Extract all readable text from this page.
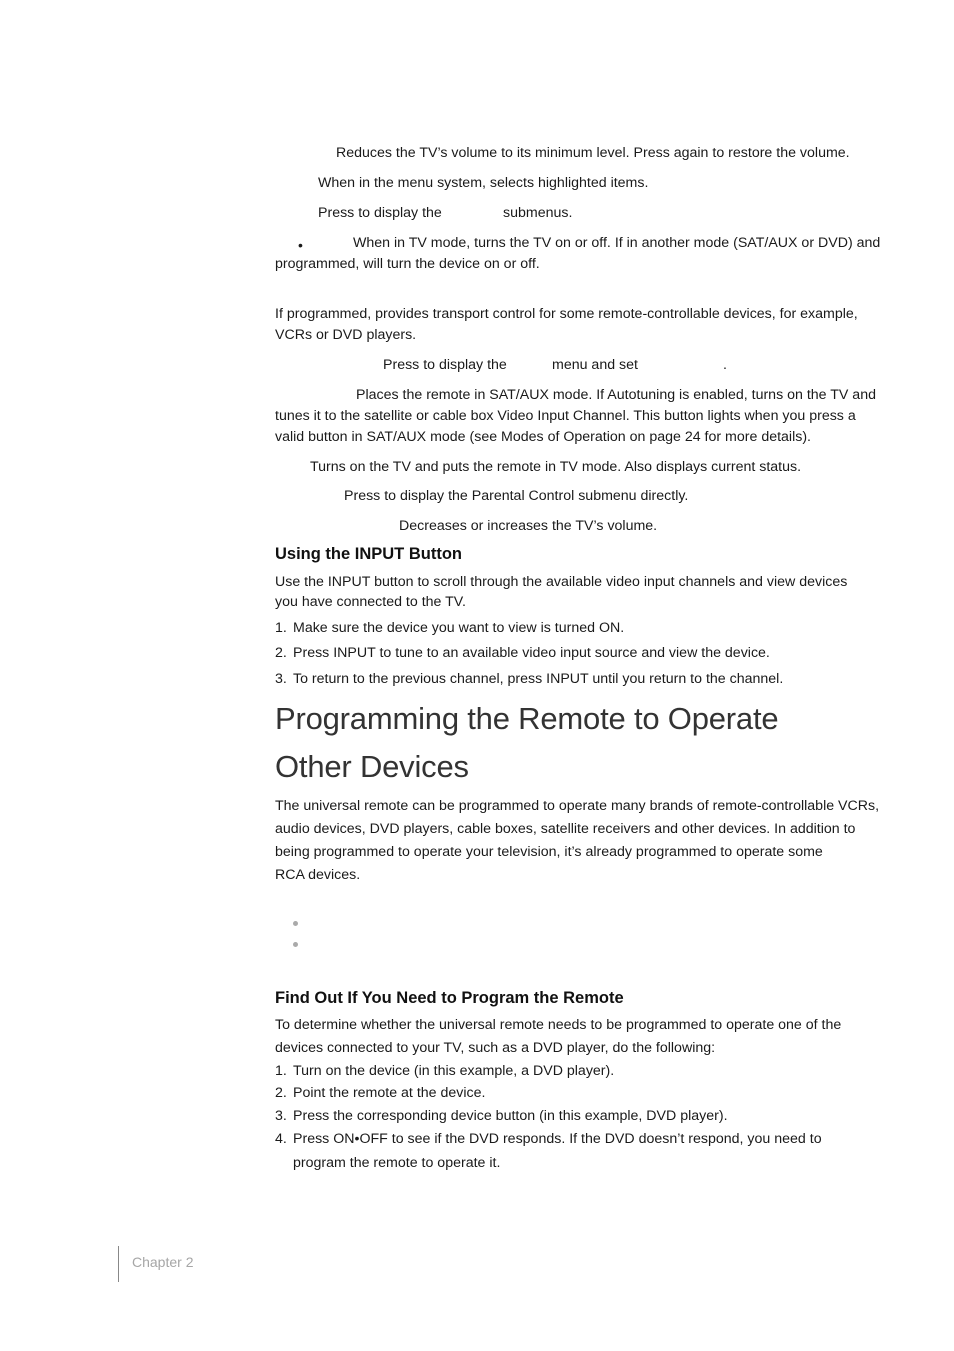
Reduces the TV’s volume to its minimum level. Press again to restore the volume.
When in the menu system, selects highlighted items.
Press to display the	submenus.
•	When in TV mode, turns the TV on or off. If in another mode (SAT/AUX or DVD) and
programmed, will turn the device on or off.
If programmed, provides transport control for some remote-controllable devices, for example,
VCRs or DVD players.
Press to display the	menu and set	.
Places the remote in SAT/AUX mode. If Autotuning is enabled, turns on the TV and
tunes it to the satellite or cable box Video Input Channel. This button lights when you press a
valid button in SAT/AUX mode (see Modes of Operation on page 24 for more details).
Turns on the TV and puts the remote in TV mode. Also displays current status.
Press to display the Parental Control submenu directly.
Decreases or increases the TV’s volume.
Using the INPUT Button
Use the INPUT button to scroll through the available video input channels and view devices
you have connected to the TV.
1. Make sure the device you want to view is turned ON.
2. Press INPUT to tune to an available video input source and view the device.
3. To return to the previous channel, press INPUT until you return to the channel.
Programming the Remote to Operate
Other Devices
The universal remote can be programmed to operate many brands of remote-controllable VCRs,
audio devices, DVD players, cable boxes, satellite receivers and other devices. In addition to
being programmed to operate your television, it’s already programmed to operate some
RCA devices.
Find Out If You Need to Program the Remote
To determine whether the universal remote needs to be programmed to operate one of the
devices connected to your TV, such as a DVD player, do the following:
1. Turn on the device (in this example, a DVD player).
2. Point the remote at the device.
3. Press the corresponding device button (in this example, DVD player).
4. Press ON•OFF to see if the DVD responds. If the DVD doesn’t respond, you need to
program the remote to operate it.
Chapter 2
